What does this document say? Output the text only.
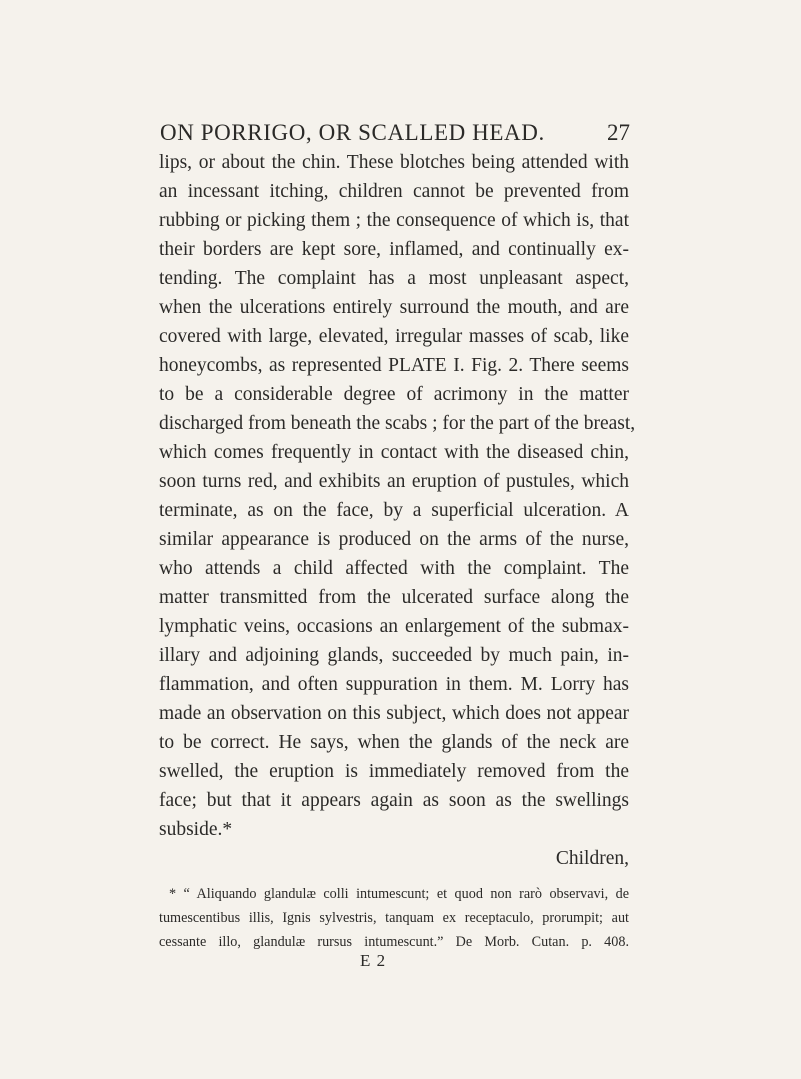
ON PORRIGO, OR SCALLED HEAD.	27
lips, or about the chin. These blotches being attended with
an incessant itching, children cannot be prevented from
rubbing or picking them ; the consequence of which is, that
their borders are kept sore, inflamed, and continually ex-
tending. The complaint has a most unpleasant aspect,
when the ulcerations entirely surround the mouth, and are
covered with large, elevated, irregular masses of scab, like
honeycombs, as represented PLATE I. Fig. 2. There seems
to be a considerable degree of acrimony in the matter
discharged from beneath the scabs ; for the part of the breast,
which comes frequently in contact with the diseased chin,
soon turns red, and exhibits an eruption of pustules, which
terminate, as on the face, by a superficial ulceration. A
similar appearance is produced on the arms of the nurse,
who attends a child affected with the complaint. The
matter transmitted from the ulcerated surface along the
lymphatic veins, occasions an enlargement of the submax-
illary and adjoining glands, succeeded by much pain, in-
flammation, and often suppuration in them. M. Lorry has
made an observation on this subject, which does not appear
to be correct. He says, when the glands of the neck are
swelled, the eruption is immediately removed from the
face; but that it appears again as soon as the swellings
subside.*
Children,
* “ Aliquando glandulæ colli intumescunt; et quod non rarò observavi, de
tumescentibus illis, Ignis sylvestris, tanquam ex receptaculo, prorumpit; aut
cessante illo, glandulæ rursus intumescunt.” De Morb. Cutan. p. 408.
E 2
